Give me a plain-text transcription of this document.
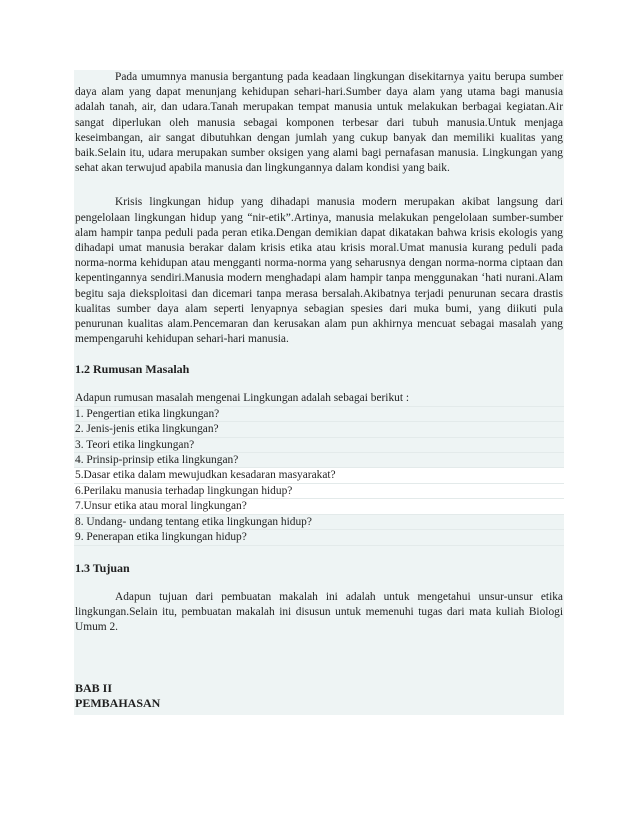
Pada umumnya manusia bergantung pada keadaan lingkungan disekitarnya yaitu berupa sumber daya alam yang dapat menunjang kehidupan sehari-hari.Sumber daya alam yang utama bagi manusia adalah tanah, air, dan udara.Tanah merupakan tempat manusia untuk melakukan berbagai kegiatan.Air sangat diperlukan oleh manusia sebagai komponen terbesar dari tubuh manusia.Untuk menjaga keseimbangan, air sangat dibutuhkan dengan jumlah yang cukup banyak dan memiliki kualitas yang baik.Selain itu, udara merupakan sumber oksigen yang alami bagi pernafasan manusia. Lingkungan yang sehat akan terwujud apabila manusia dan lingkungannya dalam kondisi yang baik.

Krisis lingkungan hidup yang dihadapi manusia modern merupakan akibat langsung dari pengelolaan lingkungan hidup yang “nir-etik”.Artinya, manusia melakukan pengelolaan sumber-sumber alam hampir tanpa peduli pada peran etika.Dengan demikian dapat dikatakan bahwa krisis ekologis yang dihadapi umat manusia berakar dalam krisis etika atau krisis moral.Umat manusia kurang peduli pada norma-norma kehidupan atau mengganti norma-norma yang seharusnya dengan norma-norma ciptaan dan kepentingannya sendiri.Manusia modern menghadapi alam hampir tanpa menggunakan ‘hati nurani.Alam begitu saja dieksploitasi dan dicemari tanpa merasa bersalah.Akibatnya terjadi penurunan secara drastis kualitas sumber daya alam seperti lenyapnya sebagian spesies dari muka bumi, yang diikuti pula penurunan kualitas alam.Pencemaran dan kerusakan alam pun akhirnya mencuat sebagai masalah yang mempengaruhi kehidupan sehari-hari manusia.

1.2 Rumusan Masalah
Adapun rumusan masalah mengenai Lingkungan adalah sebagai berikut :
1. Pengertian etika lingkungan?
2. Jenis-jenis etika lingkungan?
3. Teori etika lingkungan?
4. Prinsip-prinsip etika lingkungan?
5.Dasar etika dalam mewujudkan kesadaran masyarakat?
6.Perilaku manusia terhadap lingkungan hidup?
7.Unsur etika atau moral lingkungan?
8. Undang- undang tentang etika lingkungan hidup?
9. Penerapan etika lingkungan hidup?
1.3 Tujuan

Adapun tujuan dari pembuatan makalah ini adalah untuk mengetahui unsur-unsur etika lingkungan.Selain itu, pembuatan makalah ini disusun untuk memenuhi tugas dari mata kuliah Biologi Umum 2.

BAB II
PEMBAHASAN
